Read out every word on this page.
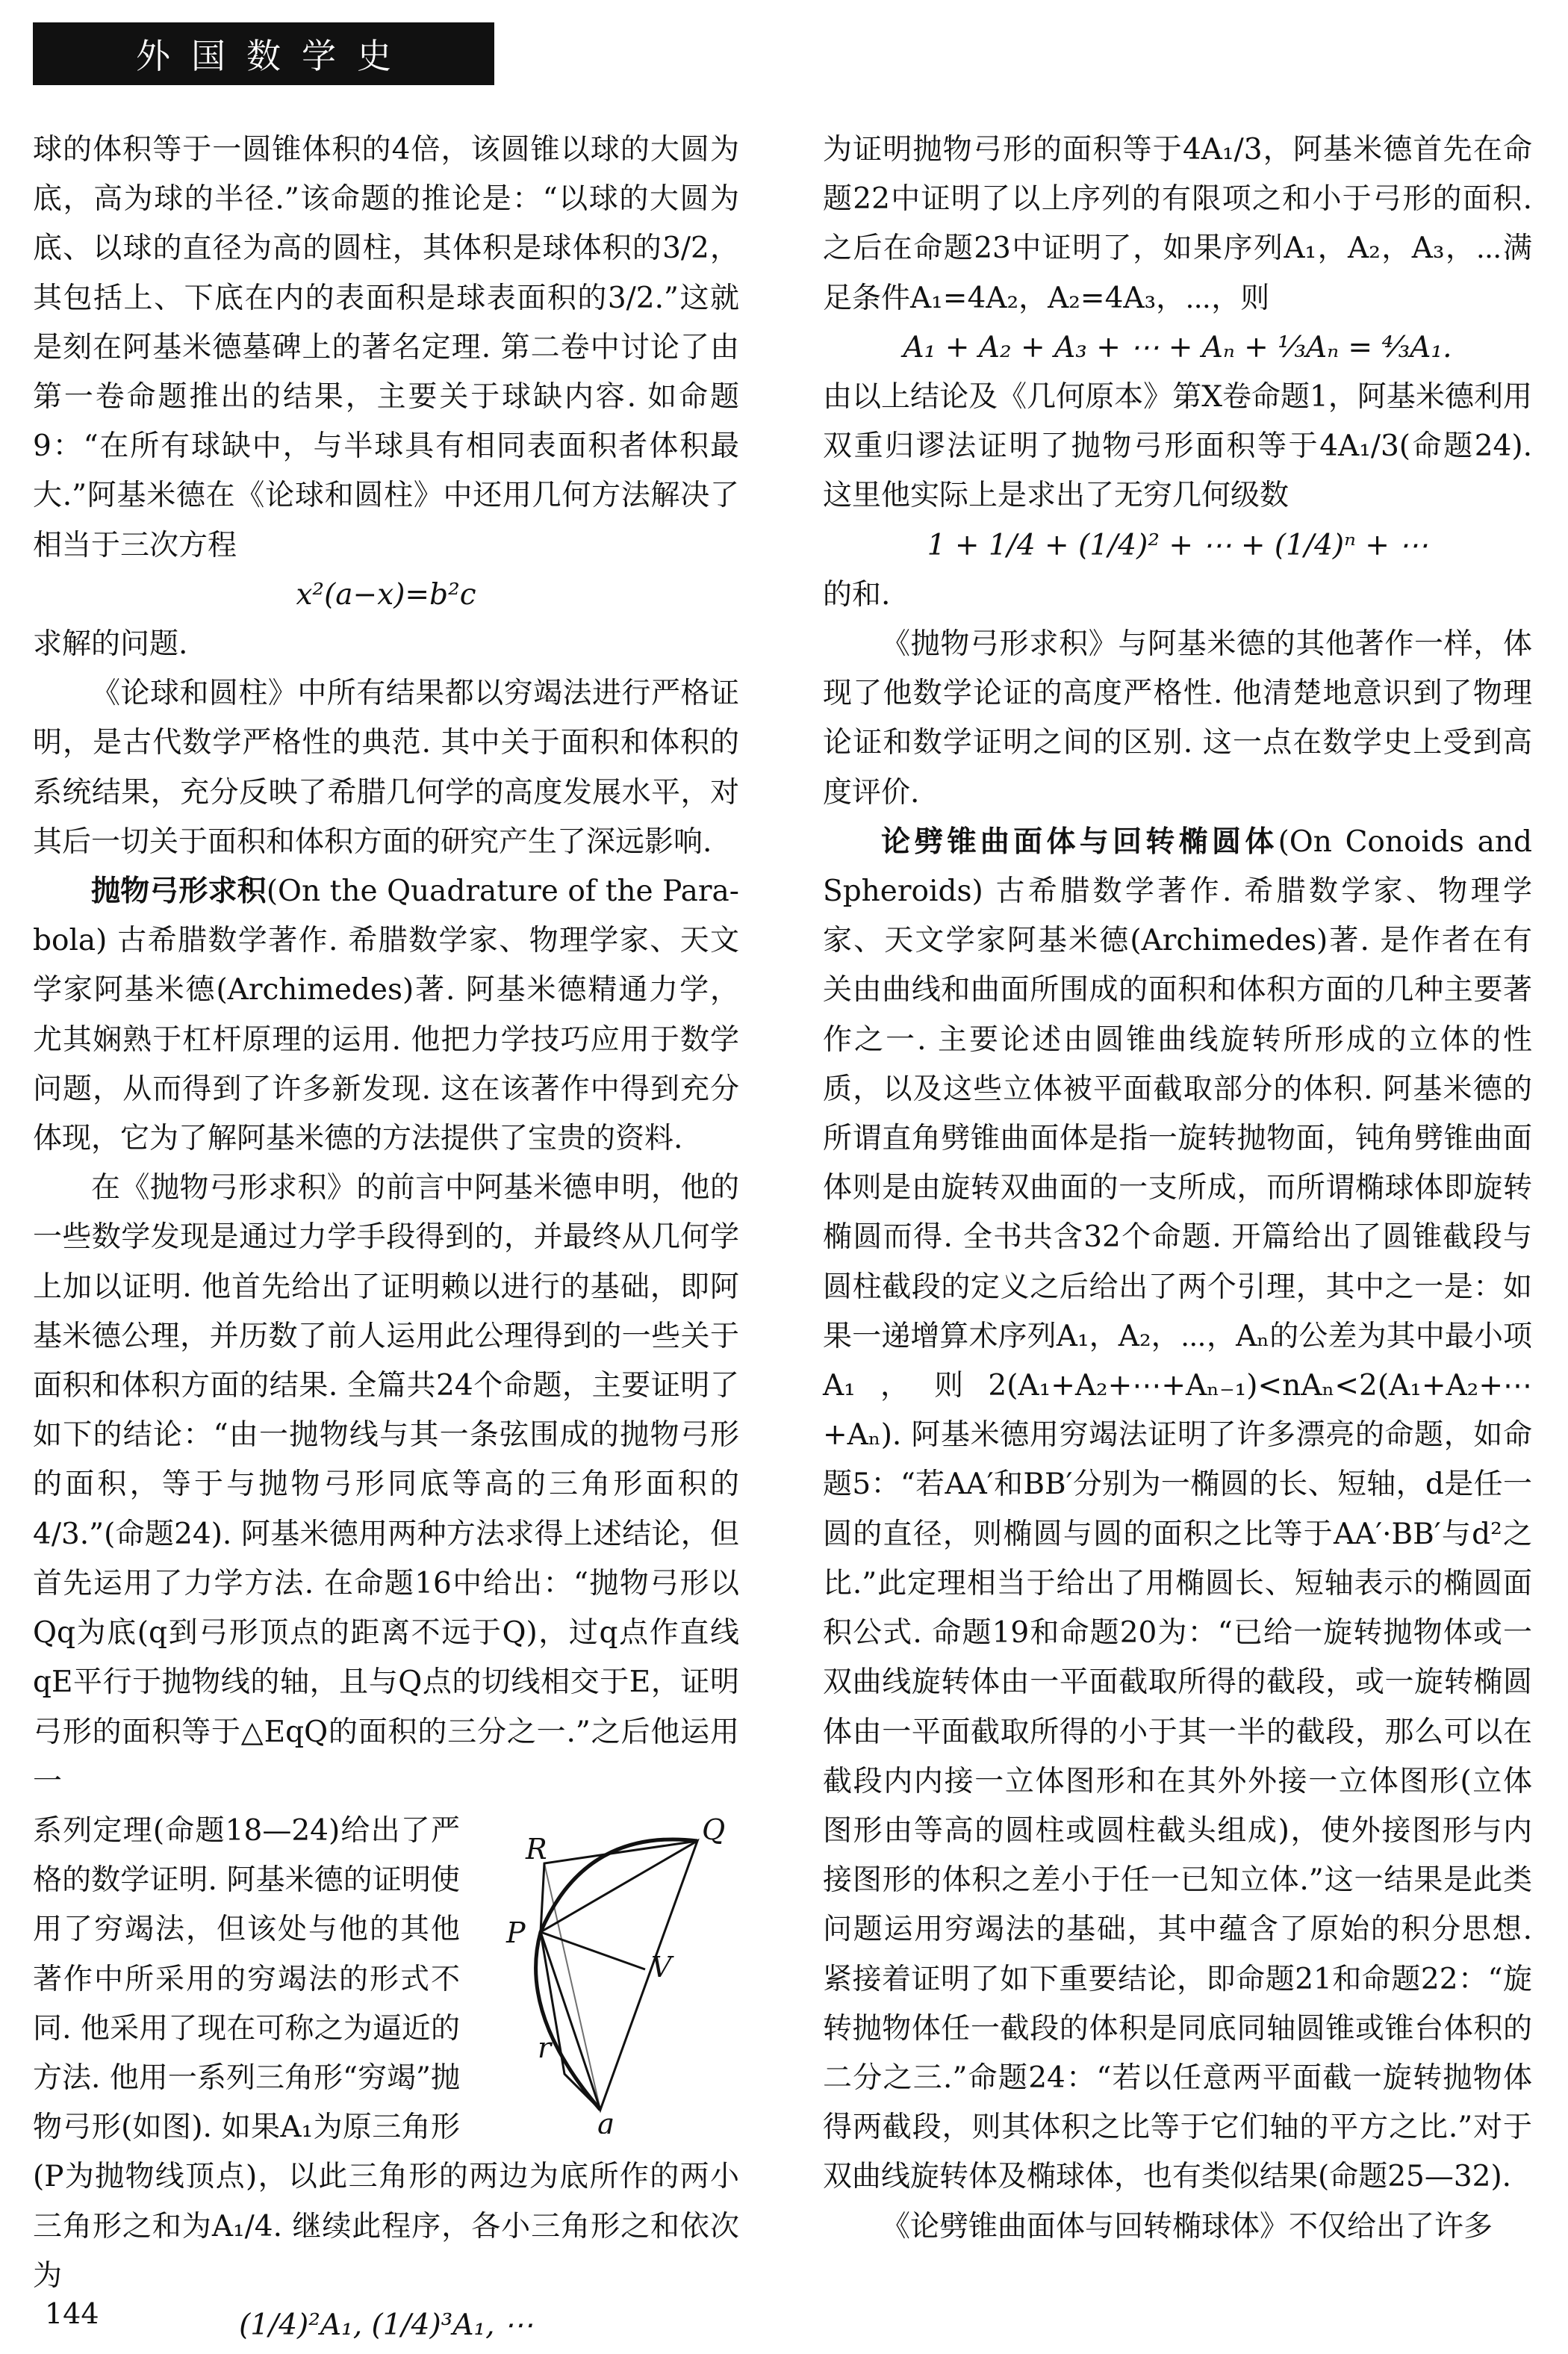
外国数学史

球的体积等于一圆锥体积的4倍，该圆锥以球的大圆为底，高为球的半径.”该命题的推论是：“以球的大圆为底、以球的直径为高的圆柱，其体积是球体积的3/2，其包括上、下底在内的表面积是球表面积的3/2.”这就是刻在阿基米德墓碑上的著名定理. 第二卷中讨论了由第一卷命题推出的结果，主要关于球缺内容. 如命题9：“在所有球缺中，与半球具有相同表面积者体积最大.”阿基米德在《论球和圆柱》中还用几何方法解决了相当于三次方程

x²(a−x)=b²c

求解的问题.

《论球和圆柱》中所有结果都以穷竭法进行严格证明，是古代数学严格性的典范. 其中关于面积和体积的系统结果，充分反映了希腊几何学的高度发展水平，对其后一切关于面积和体积方面的研究产生了深远影响.

抛物弓形求积(On the Quadrature of the Para-bola) 古希腊数学著作. 希腊数学家、物理学家、天文学家阿基米德(Archimedes)著. 阿基米德精通力学，尤其娴熟于杠杆原理的运用. 他把力学技巧应用于数学问题，从而得到了许多新发现. 这在该著作中得到充分体现，它为了解阿基米德的方法提供了宝贵的资料.

在《抛物弓形求积》的前言中阿基米德申明，他的一些数学发现是通过力学手段得到的，并最终从几何学上加以证明. 他首先给出了证明赖以进行的基础，即阿基米德公理，并历数了前人运用此公理得到的一些关于面积和体积方面的结果. 全篇共24个命题，主要证明了如下的结论：“由一抛物线与其一条弦围成的抛物弓形的面积，等于与抛物弓形同底等高的三角形面积的4/3.”(命题24). 阿基米德用两种方法求得上述结论，但首先运用了力学方法. 在命题16中给出：“抛物弓形以Qq为底(q到弓形顶点的距离不远于Q)，过q点作直线qE平行于抛物线的轴，且与Q点的切线相交于E，证明弓形的面积等于△EqQ的面积的三分之一.”之后他运用一

R
Q
P
V
r
q

系列定理(命题18—24)给出了严格的数学证明. 阿基米德的证明使用了穷竭法，但该处与他的其他著作中所采用的穷竭法的形式不同. 他采用了现在可称之为逼近的方法. 他用一系列三角形“穷竭”抛物弓形(如图). 如果A₁为原三角形(P为抛物线顶点)，以此三角形的两边为底所作的两小三角形之和为A₁/4. 继续此程序，各小三角形之和依次为

(1/4)²A₁, (1/4)³A₁, ⋯

为证明抛物弓形的面积等于4A₁/3，阿基米德首先在命题22中证明了以上序列的有限项之和小于弓形的面积. 之后在命题23中证明了，如果序列A₁，A₂，A₃，⋯满足条件A₁=4A₂，A₂=4A₃，⋯，则

A₁ + A₂ + A₃ + ⋯ + Aₙ + ⅓Aₙ = ⁴⁄₃A₁.

由以上结论及《几何原本》第Ⅹ卷命题1，阿基米德利用双重归谬法证明了抛物弓形面积等于4A₁/3(命题24). 这里他实际上是求出了无穷几何级数

1 + 1/4 + (1/4)² + ⋯ + (1/4)ⁿ + ⋯

的和.

《抛物弓形求积》与阿基米德的其他著作一样，体现了他数学论证的高度严格性. 他清楚地意识到了物理论证和数学证明之间的区别. 这一点在数学史上受到高度评价.

论劈锥曲面体与回转椭圆体(On Conoids and Spheroids) 古希腊数学著作. 希腊数学家、物理学家、天文学家阿基米德(Archimedes)著. 是作者在有关由曲线和曲面所围成的面积和体积方面的几种主要著作之一. 主要论述由圆锥曲线旋转所形成的立体的性质，以及这些立体被平面截取部分的体积. 阿基米德的所谓直角劈锥曲面体是指一旋转抛物面，钝角劈锥曲面体则是由旋转双曲面的一支所成，而所谓椭球体即旋转椭圆而得. 全书共含32个命题. 开篇给出了圆锥截段与圆柱截段的定义之后给出了两个引理，其中之一是：如果一递增算术序列A₁，A₂，⋯，Aₙ的公差为其中最小项A₁，则2(A₁+A₂+⋯+Aₙ₋₁)<nAₙ<2(A₁+A₂+⋯+Aₙ). 阿基米德用穷竭法证明了许多漂亮的命题，如命题5：“若AA′和BB′分别为一椭圆的长、短轴，d是任一圆的直径，则椭圆与圆的面积之比等于AA′·BB′与d²之比.”此定理相当于给出了用椭圆长、短轴表示的椭圆面积公式. 命题19和命题20为：“已给一旋转抛物体或一双曲线旋转体由一平面截取所得的截段，或一旋转椭圆体由一平面截取所得的小于其一半的截段，那么可以在截段内内接一立体图形和在其外外接一立体图形(立体图形由等高的圆柱或圆柱截头组成)，使外接图形与内接图形的体积之差小于任一已知立体.”这一结果是此类问题运用穷竭法的基础，其中蕴含了原始的积分思想. 紧接着证明了如下重要结论，即命题21和命题22：“旋转抛物体任一截段的体积是同底同轴圆锥或锥台体积的二分之三.”命题24：“若以任意两平面截一旋转抛物体得两截段，则其体积之比等于它们轴的平方之比.”对于双曲线旋转体及椭球体，也有类似结果(命题25—32).

《论劈锥曲面体与回转椭球体》不仅给出了许多

144
